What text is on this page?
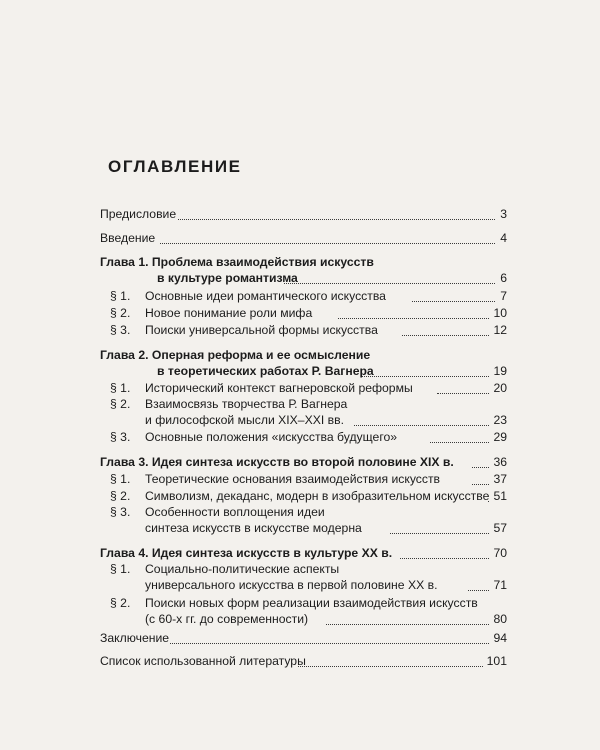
ОГЛАВЛЕНИЕ
Предисловие	3
Введение	4
Глава 1. Проблема взаимодействия искусств
в культуре романтизма	6
§ 1. Основные идеи романтического искусства	7
§ 2. Новое понимание роли мифа	10
§ 3. Поиски универсальной формы искусства	12
Глава 2. Оперная реформа и ее осмысление
в теоретических работах Р. Вагнера	19
§ 1. Исторический контекст вагнеровской реформы	20
§ 2. Взаимосвязь творчества Р. Вагнера
и философской мысли XIX–XXI вв.	23
§ 3. Основные положения «искусства будущего»	29
Глава 3. Идея синтеза искусств во второй половине XIX в.	36
§ 1. Теоретические основания взаимодействия искусств	37
§ 2. Символизм, декаданс, модерн в изобразительном искусстве 51
§ 3. Особенности воплощения идеи
синтеза искусств в искусстве модерна	57
Глава 4. Идея синтеза искусств в культуре XX в.	70
§ 1. Социально-политические аспекты
универсального искусства в первой половине XX в.	71
§ 2. Поиски новых форм реализации взаимодействия искусств
(с 60-х гг. до современности)	80
Заключение	94
Список использованной литературы	101
